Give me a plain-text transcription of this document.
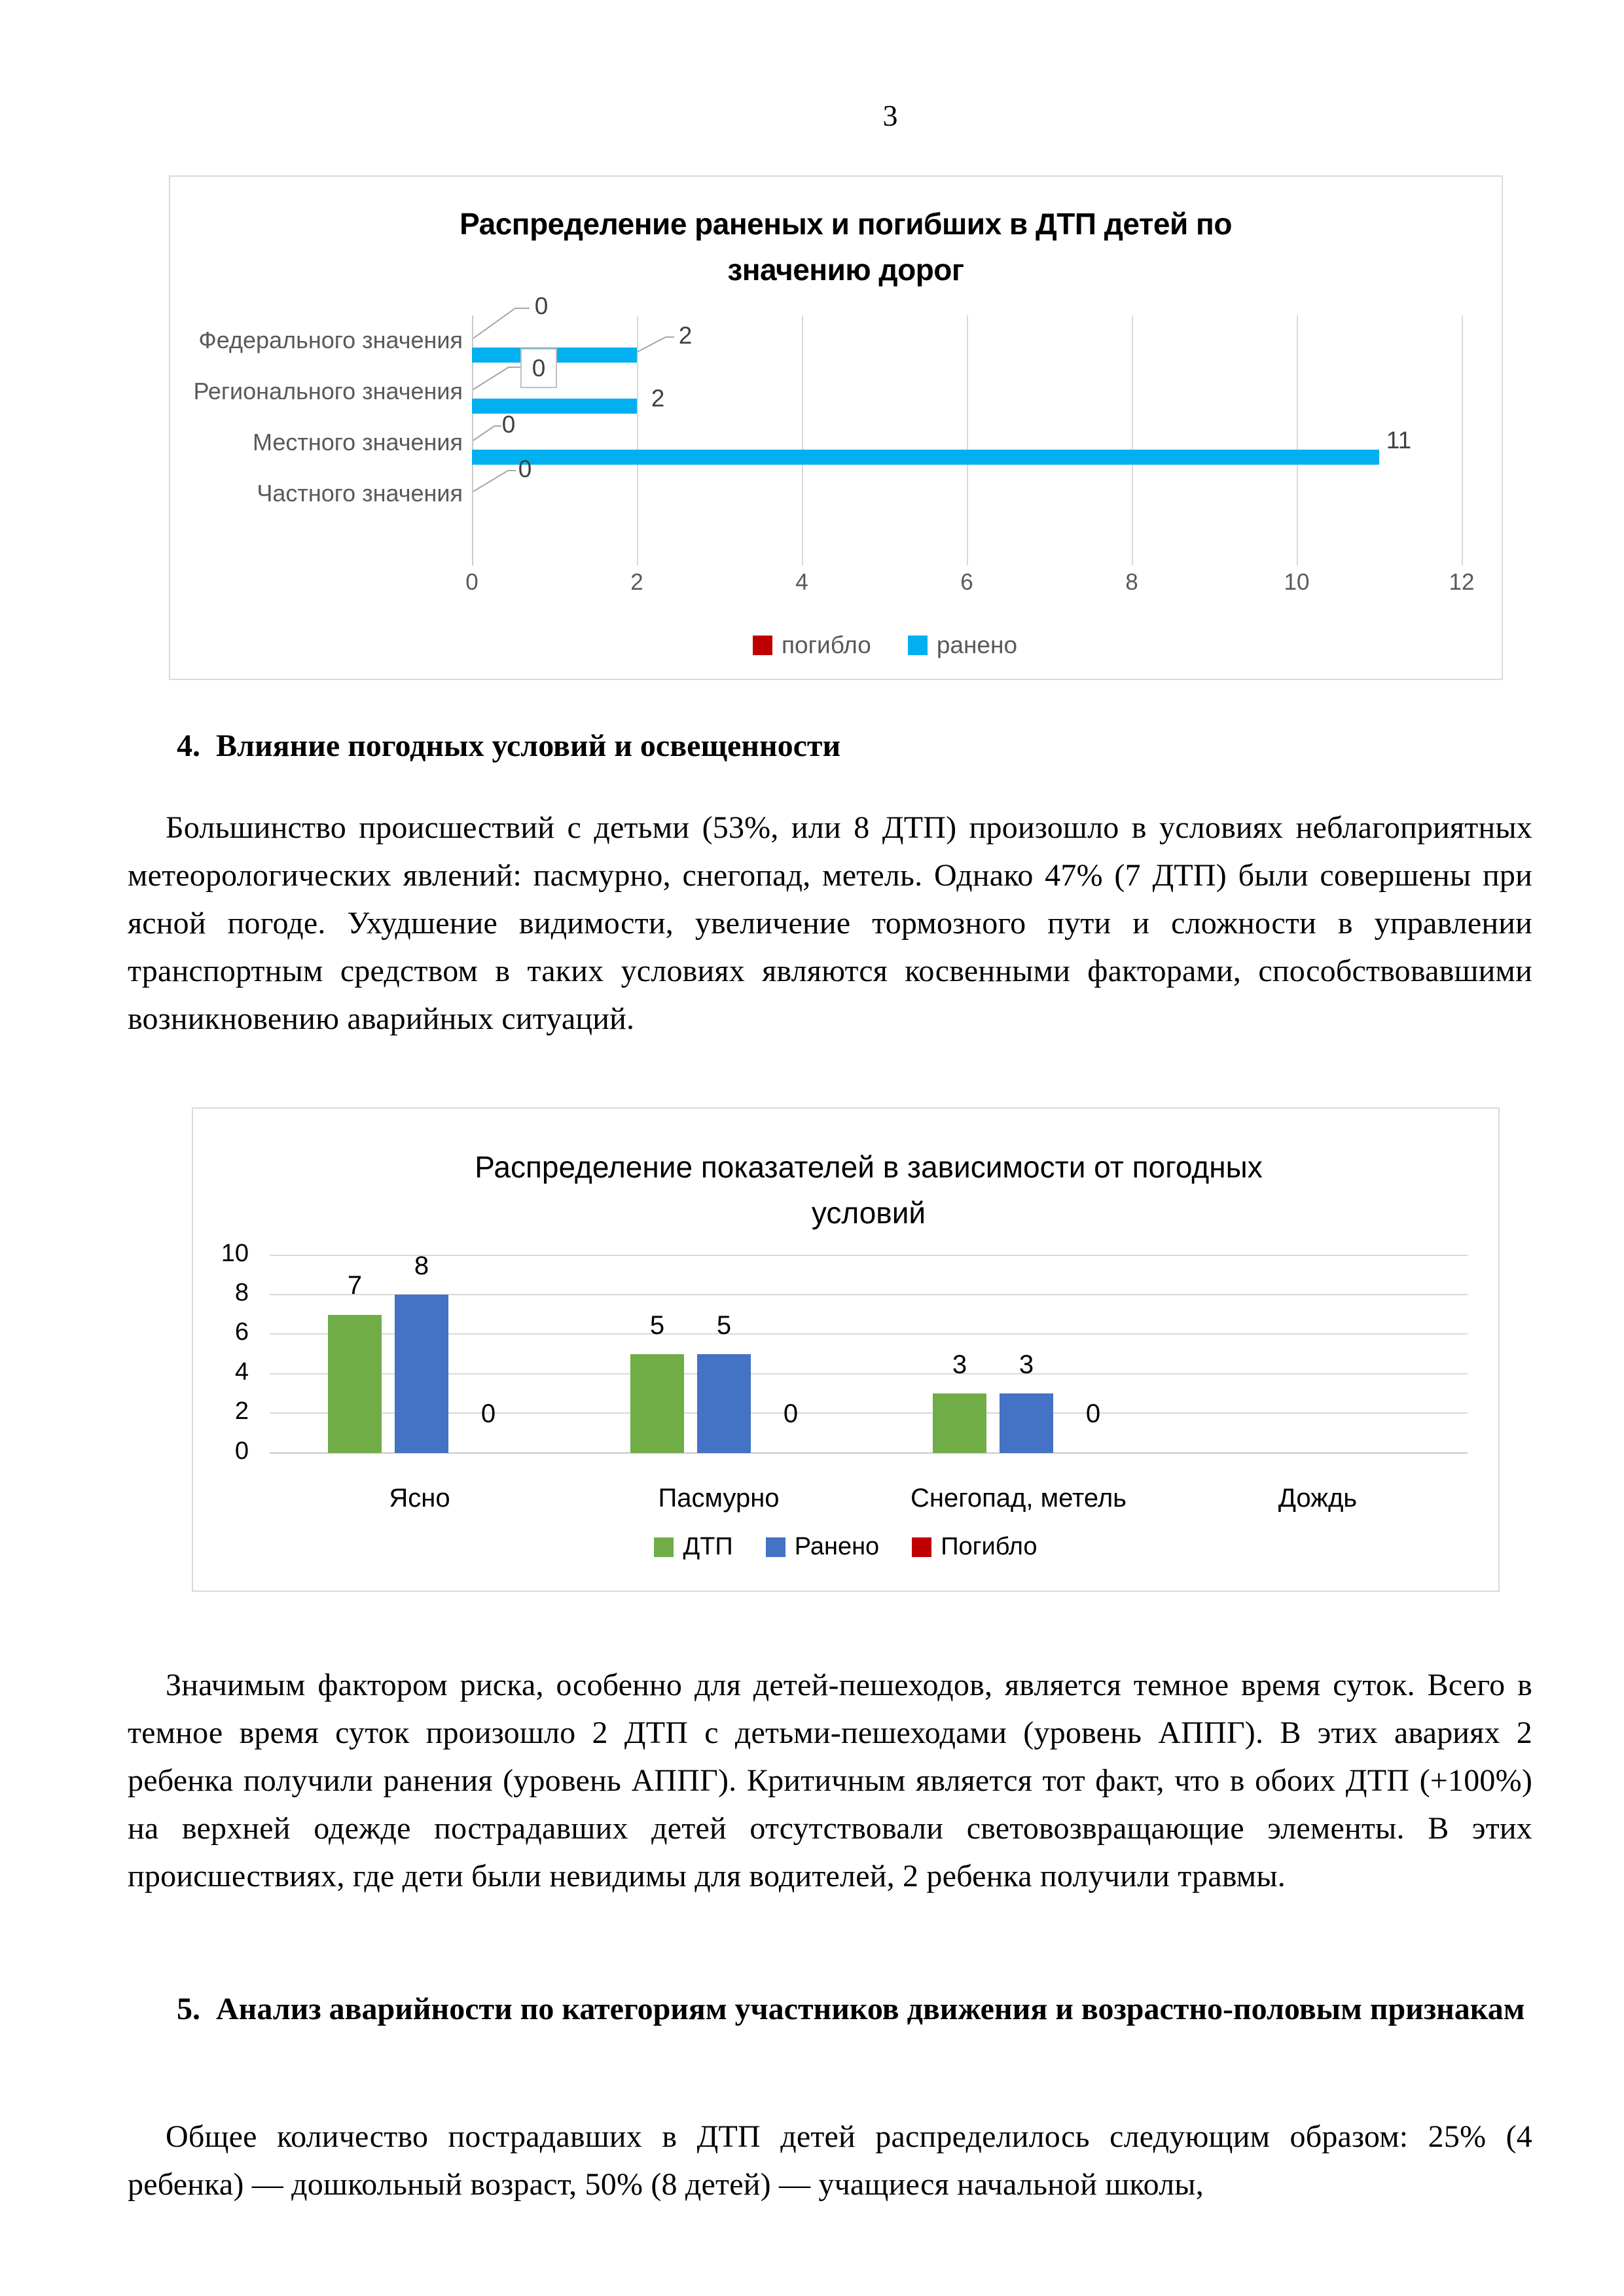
3
Распределение раненых и погибших в ДТП детей по
значению дорог
Федерального значения
Регионального значения
Местного значения
Частного значения
0
0
0
0
2
2
11
0	2	4	6	8	10	12
погибло	ранено
4.  Влияние погодных условий и освещенности
Большинство происшествий с детьми (53%, или 8 ДТП) произошло в условиях неблагоприятных метеорологических явлений: пасмурно, снегопад, метель. Однако 47% (7 ДТП) были совершены при ясной погоде. Ухудшение видимости, увеличение тормозного пути и сложности в управлении транспортным средством в таких условиях являются косвенными факторами, способствовавшими возникновению аварийных ситуаций.
Распределение показателей в зависимости от погодных
условий
10
8
6
4
2
0
7
8
0
5	5
0
3	3
0
Ясно	Пасмурно	Снегопад, метель	Дождь
ДТП Ранено Погибло
Значимым фактором риска, особенно для детей-пешеходов, является темное время суток. Всего в темное время суток произошло 2 ДТП с детьми-пешеходами (уровень АППГ). В этих авариях 2 ребенка получили ранения (уровень АППГ). Критичным является тот факт, что в обоих ДТП (+100%) на верхней одежде пострадавших детей отсутствовали световозвращающие элементы. В этих происшествиях, где дети были невидимы для водителей, 2 ребенка получили травмы.
5.  Анализ аварийности по категориям участников движения и возрастно-половым признакам
Общее количество пострадавших в ДТП детей распределилось следующим образом: 25% (4 ребенка) — дошкольный возраст, 50% (8 детей) — учащиеся начальной школы,
